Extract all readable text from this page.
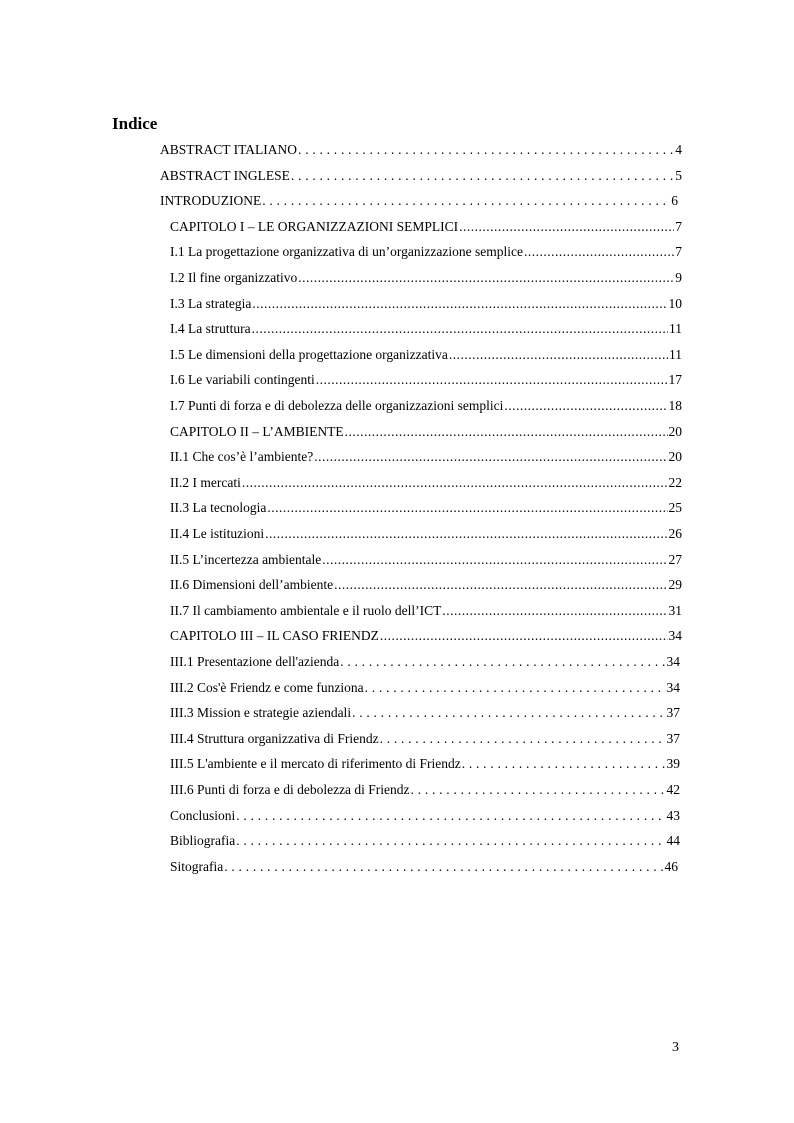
Indice
ABSTRACT ITALIANO . . .	4
ABSTRACT INGLESE . . .	5
INTRODUZIONE . . .	6
CAPITOLO I – LE ORGANIZZAZIONI SEMPLICI .....	7
I.1 La progettazione organizzativa di un’organizzazione semplice .....	7
I.2 Il fine organizzativo .....	9
I.3 La strategia .....	10
I.4 La struttura .....	11
I.5 Le dimensioni della progettazione organizzativa .....	11
I.6 Le variabili contingenti .....	17
I.7 Punti di forza e di debolezza delle organizzazioni semplici .....	18
CAPITOLO II – L’AMBIENTE .....	20
II.1 Che cos’è l’ambiente? .....	20
II.2 I mercati .....	22
II.3 La tecnologia .....	25
II.4 Le istituzioni .....	26
II.5 L’incertezza ambientale .....	27
II.6 Dimensioni dell’ambiente .....	29
II.7 Il cambiamento ambientale e il ruolo dell’ICT .....	31
CAPITOLO III – IL CASO FRIENDZ .....	34
III.1 Presentazione dell'azienda . . .	34
III.2 Cos'è Friendz e come funziona . . .	34
III.3 Mission e strategie aziendali . . .	37
III.4 Struttura organizzativa di Friendz . . .	37
III.5 L'ambiente e il mercato di riferimento di Friendz . . .	39
III.6 Punti di forza e di debolezza di Friendz . . .	42
Conclusioni . . .	43
Bibliografia . . .	44
Sitografia . . .	46
3
